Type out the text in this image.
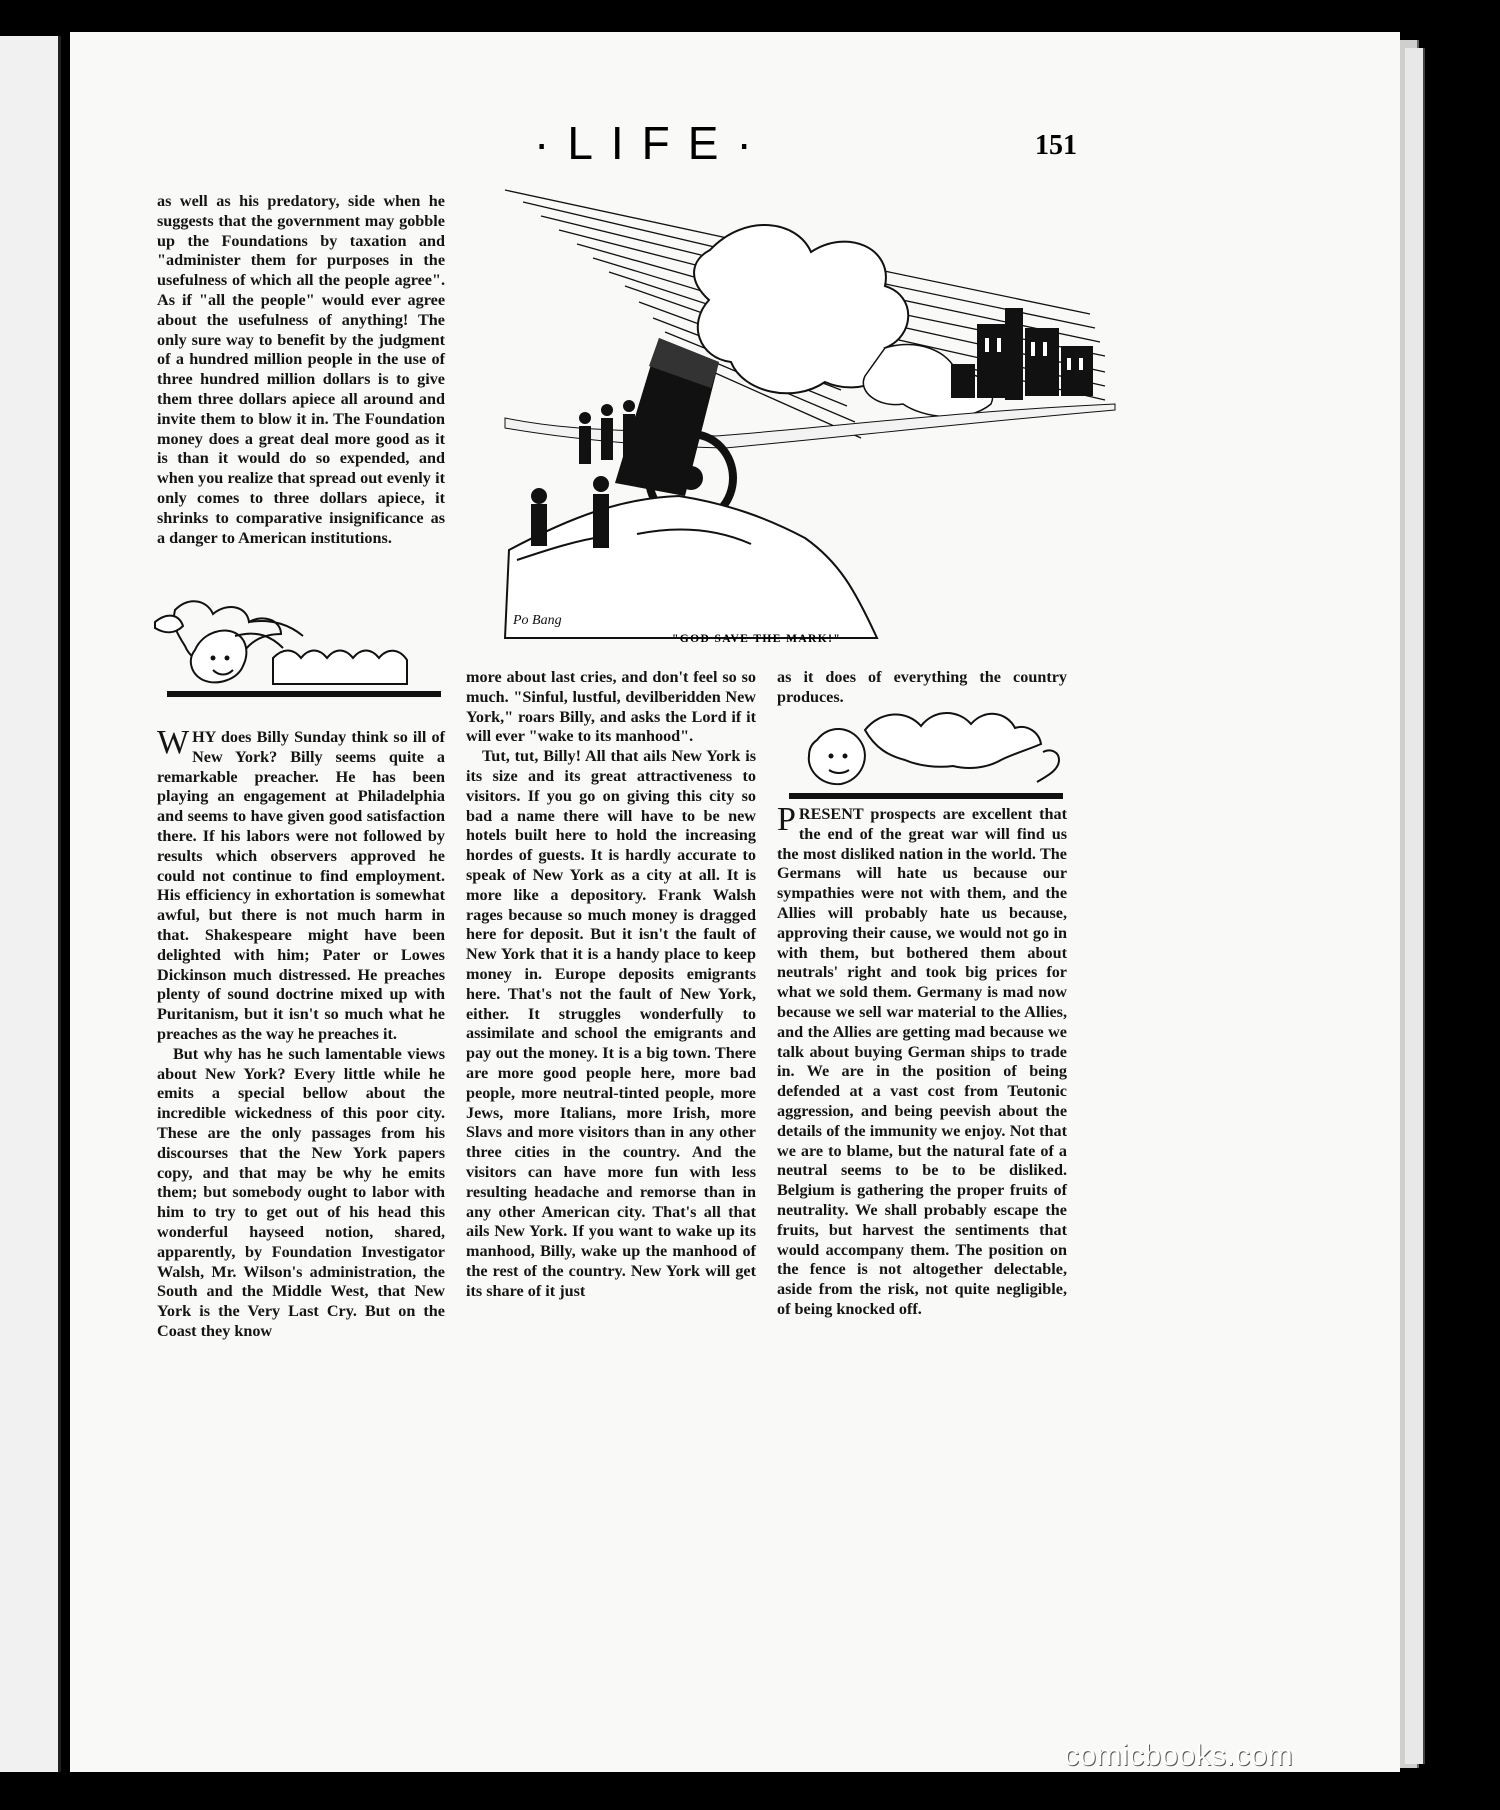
·LIFE·	151
Po Bang
"GOD SAVE THE MARK!"

as well as his predatory, side when he suggests that the government may gobble up the Foundations by taxation and "administer them for purposes in the usefulness of which all the people agree". As if "all the people" would ever agree about the usefulness of anything! The only sure way to benefit by the judgment of a hundred million people in the use of three hundred million dollars is to give them three dollars apiece all around and invite them to blow it in. The Foundation money does a great deal more good as it is than it would do so expended, and when you realize that spread out evenly it only comes to three dollars apiece, it shrinks to comparative insignificance as a danger to American institutions.

WHY does Billy Sunday think so ill of New York? Billy seems quite a remarkable preacher. He has been playing an engagement at Philadelphia and seems to have given good satisfaction there. If his labors were not followed by results which observers approved he could not continue to find employment. His efficiency in exhortation is somewhat awful, but there is not much harm in that. Shakespeare might have been delighted with him; Pater or Lowes Dickinson much distressed. He preaches plenty of sound doctrine mixed up with Puritanism, but it isn't so much what he preaches as the way he preaches it.

But why has he such lamentable views about New York? Every little while he emits a special bellow about the incredible wickedness of this poor city. These are the only passages from his discourses that the New York papers copy, and that may be why he emits them; but somebody ought to labor with him to try to get out of his head this wonderful hayseed notion, shared, apparently, by Foundation Investigator Walsh, Mr. Wilson's administration, the South and the Middle West, that New York is the Very Last Cry. But on the Coast they know

more about last cries, and don't feel so so much. "Sinful, lustful, devilberidden New York," roars Billy, and asks the Lord if it will ever "wake to its manhood".

Tut, tut, Billy! All that ails New York is its size and its great attractiveness to visitors. If you go on giving this city so bad a name there will have to be new hotels built here to hold the increasing hordes of guests. It is hardly accurate to speak of New York as a city at all. It is more like a depository. Frank Walsh rages because so much money is dragged here for deposit. But it isn't the fault of New York that it is a handy place to keep money in. Europe deposits emigrants here. That's not the fault of New York, either. It struggles wonderfully to assimilate and school the emigrants and pay out the money. It is a big town. There are more good people here, more bad people, more neutral-tinted people, more Jews, more Italians, more Irish, more Slavs and more visitors than in any other three cities in the country. And the visitors can have more fun with less resulting headache and remorse than in any other American city. That's all that ails New York. If you want to wake up its manhood, Billy, wake up the manhood of the rest of the country. New York will get its share of it just

as it does of everything the country produces.

PRESENT prospects are excellent that the end of the great war will find us the most disliked nation in the world. The Germans will hate us because our sympathies were not with them, and the Allies will probably hate us because, approving their cause, we would not go in with them, but bothered them about neutrals' right and took big prices for what we sold them. Germany is mad now because we sell war material to the Allies, and the Allies are getting mad because we talk about buying German ships to trade in. We are in the position of being defended at a vast cost from Teutonic aggression, and being peevish about the details of the immunity we enjoy. Not that we are to blame, but the natural fate of a neutral seems to be to be disliked. Belgium is gathering the proper fruits of neutrality. We shall probably escape the fruits, but harvest the sentiments that would accompany them. The position on the fence is not altogether delectable, aside from the risk, not quite negligible, of being knocked off.

comicbooks.com
